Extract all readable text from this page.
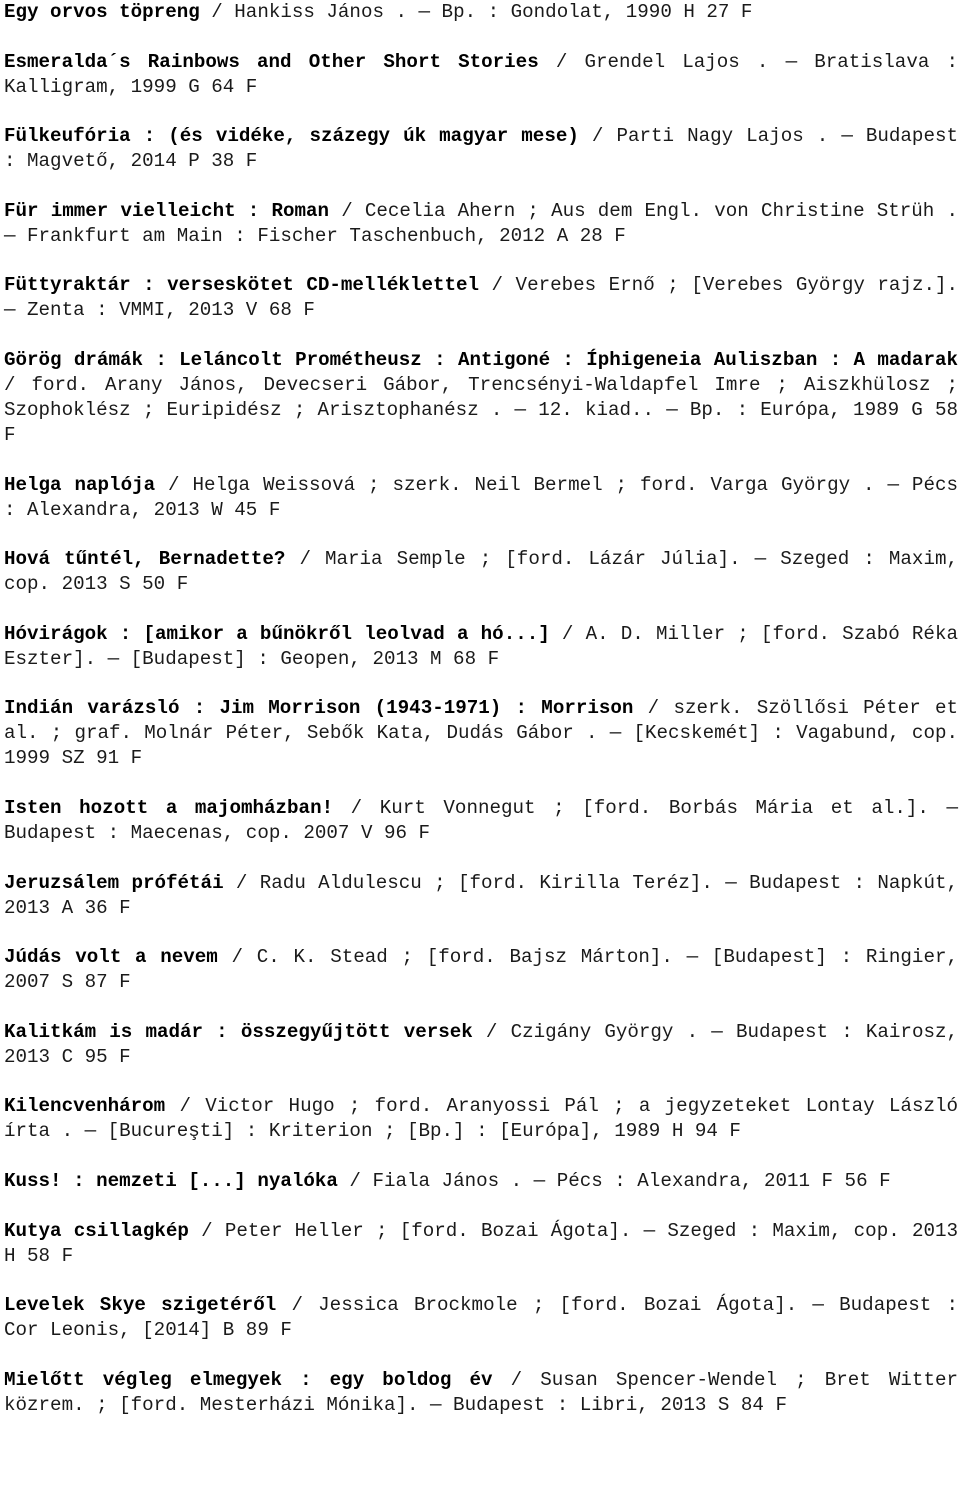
Egy orvos töpreng / Hankiss János . — Bp. : Gondolat, 1990 H 27 F

Esmeralda´s Rainbows and Other Short Stories / Grendel Lajos . — Bratislava : Kalligram, 1999 G 64 F

Fülkeufória : (és vidéke, százegy úk magyar mese) / Parti Nagy Lajos . — Budapest : Magvető, 2014 P 38 F

Für immer vielleicht : Roman / Cecelia Ahern ; Aus dem Engl. von Christine Strüh . — Frankfurt am Main : Fischer Taschenbuch, 2012 A 28 F

Füttyraktár : verseskötet CD-melléklettel / Verebes Ernő ; [Verebes György rajz.]. — Zenta : VMMI, 2013 V 68 F

Görög drámák : Leláncolt Prométheusz : Antigoné : Íphigeneia Auliszban : A madarak / ford. Arany János, Devecseri Gábor, Trencsényi-Waldapfel Imre ; Aiszkhülosz ; Szophoklész ; Euripidész ; Arisztophanész . — 12. kiad.. — Bp. : Európa, 1989 G 58 F

Helga naplója / Helga Weissová ; szerk. Neil Bermel ; ford. Varga György . — Pécs : Alexandra, 2013 W 45 F

Hová tűntél, Bernadette? / Maria Semple ; [ford. Lázár Júlia]. — Szeged : Maxim, cop. 2013 S 50 F

Hóvirágok : [amikor a bűnökről leolvad a hó...] / A. D. Miller ; [ford. Szabó Réka Eszter]. — [Budapest] : Geopen, 2013 M 68 F

Indián varázsló : Jim Morrison (1943-1971) : Morrison / szerk. Szöllősi Péter et al. ; graf. Molnár Péter, Sebők Kata, Dudás Gábor . — [Kecskemét] : Vagabund, cop. 1999 SZ 91 F

Isten hozott a majomházban! / Kurt Vonnegut ; [ford. Borbás Mária et al.]. — Budapest : Maecenas, cop. 2007 V 96 F

Jeruzsálem prófétái / Radu Aldulescu ; [ford. Kirilla Teréz]. — Budapest : Napkút, 2013 A 36 F

Júdás volt a nevem / C. K. Stead ; [ford. Bajsz Márton]. — [Budapest] : Ringier, 2007 S 87 F

Kalitkám is madár : összegyűjtött versek / Czigány György . — Budapest : Kairosz, 2013 C 95 F

Kilencvenhárom / Victor Hugo ; ford. Aranyossi Pál ; a jegyzeteket Lontay László írta . — [Bucureşti] : Kriterion ; [Bp.] : [Európa], 1989 H 94 F

Kuss! : nemzeti [...] nyalóka / Fiala János . — Pécs : Alexandra, 2011 F 56 F

Kutya csillagkép / Peter Heller ; [ford. Bozai Ágota]. — Szeged : Maxim, cop. 2013 H 58 F

Levelek Skye szigetéről / Jessica Brockmole ; [ford. Bozai Ágota]. — Budapest : Cor Leonis, [2014] B 89 F

Mielőtt végleg elmegyek : egy boldog év / Susan Spencer-Wendel ; Bret Witter közrem. ; [ford. Mesterházi Mónika]. — Budapest : Libri, 2013 S 84 F
